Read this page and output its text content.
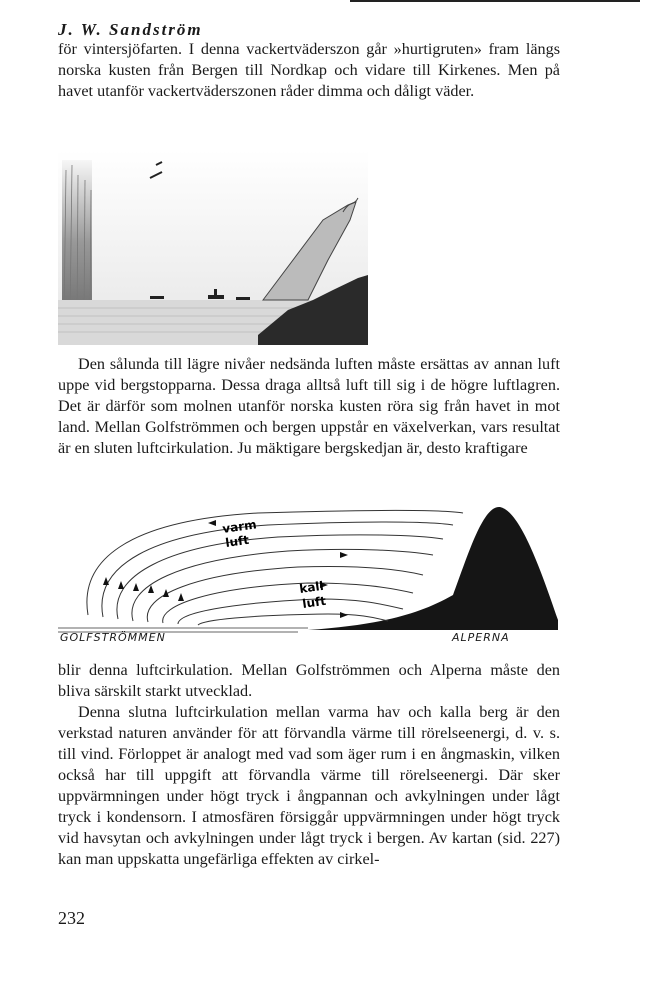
J. W. Sandström

för vintersjöfarten. I denna vackertväderszon går »hurtigruten» fram längs norska kusten från Bergen till Nordkap och vidare till Kirkenes. Men på havet utanför vackertväderszonen råder dimma och dåligt väder.

Den sålunda till lägre nivåer nedsända luften måste ersättas av annan luft uppe vid bergstopparna. Dessa draga alltså luft till sig i de högre luftlagren. Det är därför som molnen utanför norska kusten röra sig från havet in mot land. Mellan Golfströmmen och bergen uppstår en växelverkan, vars resultat är en sluten luftcirkulation. Ju mäktigare bergskedjan är, desto kraftigare

varm
luft
kall
luft

GOLFSTRÖMMEN	ALPERNA

blir denna luftcirkulation. Mellan Golfströmmen och Alperna måste den bliva särskilt starkt utvecklad.

Denna slutna luftcirkulation mellan varma hav och kalla berg är den verkstad naturen använder för att förvandla värme till rörelseenergi, d. v. s. till vind. Förloppet är analogt med vad som äger rum i en ångmaskin, vilken också har till uppgift att förvandla värme till rörelseenergi. Där sker uppvärmningen under högt tryck i ångpannan och avkylningen under lågt tryck i kondensorn. I atmosfären försiggår uppvärmningen under högt tryck vid havsytan och avkylningen under lågt tryck i bergen. Av kartan (sid. 227) kan man uppskatta ungefärliga effekten av cirkel-

232
